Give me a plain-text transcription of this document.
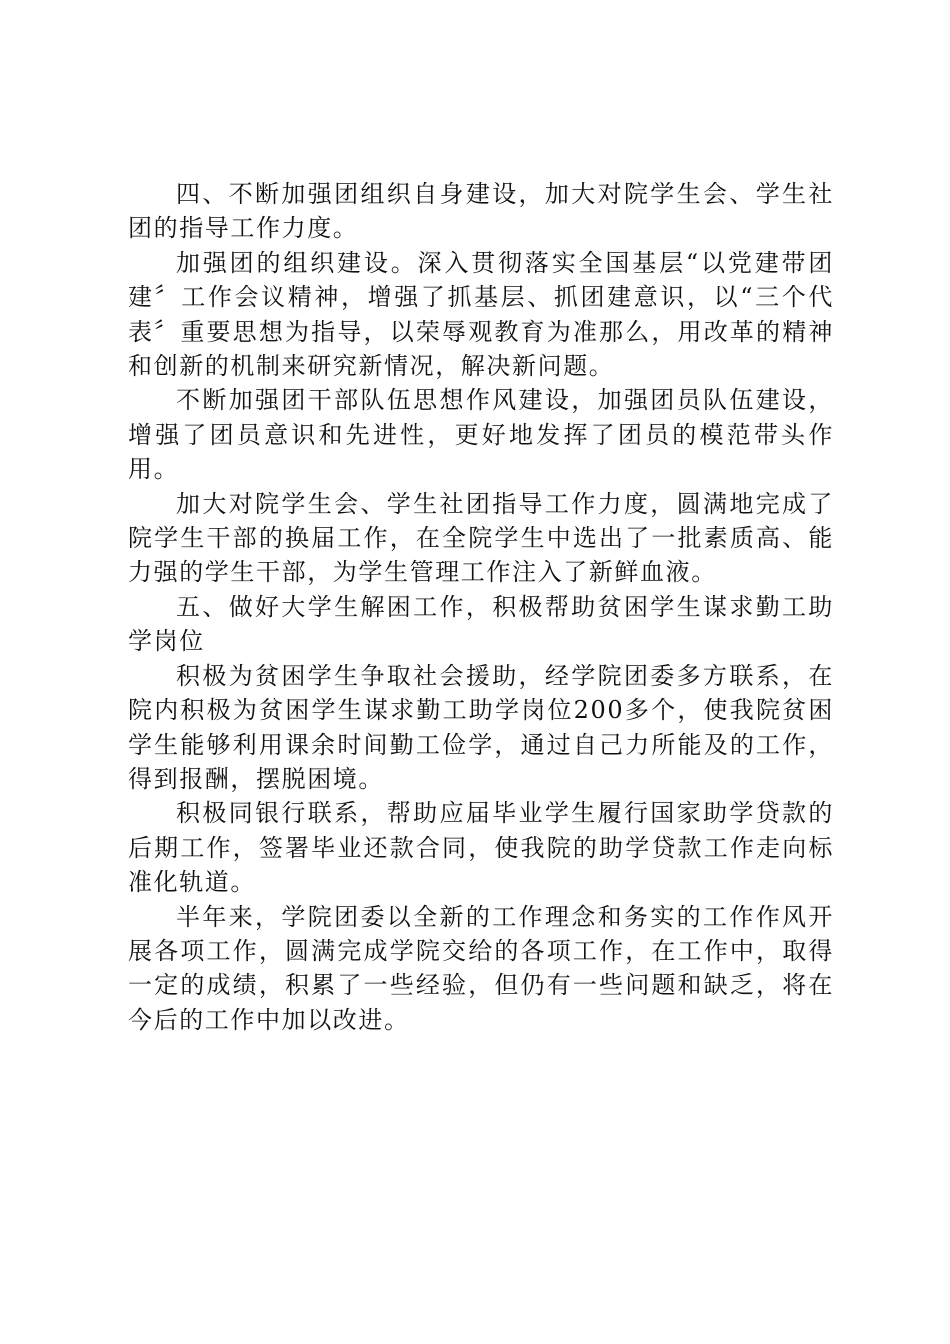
四、不断加强团组织自身建设，加大对院学生会、学生社团的指导工作力度。

加强团的组织建设。深入贯彻落实全国基层“以党建带团建〞工作会议精神，增强了抓基层、抓团建意识，以“三个代表〞重要思想为指导，以荣辱观教育为准那么，用改革的精神和创新的机制来研究新情况，解决新问题。

不断加强团干部队伍思想作风建设，加强团员队伍建设，增强了团员意识和先进性，更好地发挥了团员的模范带头作用。

加大对院学生会、学生社团指导工作力度，圆满地完成了院学生干部的换届工作，在全院学生中选出了一批素质高、能力强的学生干部，为学生管理工作注入了新鲜血液。

五、做好大学生解困工作，积极帮助贫困学生谋求勤工助学岗位

积极为贫困学生争取社会援助，经学院团委多方联系，在院内积极为贫困学生谋求勤工助学岗位200多个，使我院贫困学生能够利用课余时间勤工俭学，通过自己力所能及的工作，得到报酬，摆脱困境。

积极同银行联系，帮助应届毕业学生履行国家助学贷款的后期工作，签署毕业还款合同，使我院的助学贷款工作走向标准化轨道。

半年来，学院团委以全新的工作理念和务实的工作作风开展各项工作，圆满完成学院交给的各项工作，在工作中，取得一定的成绩，积累了一些经验，但仍有一些问题和缺乏，将在今后的工作中加以改进。
